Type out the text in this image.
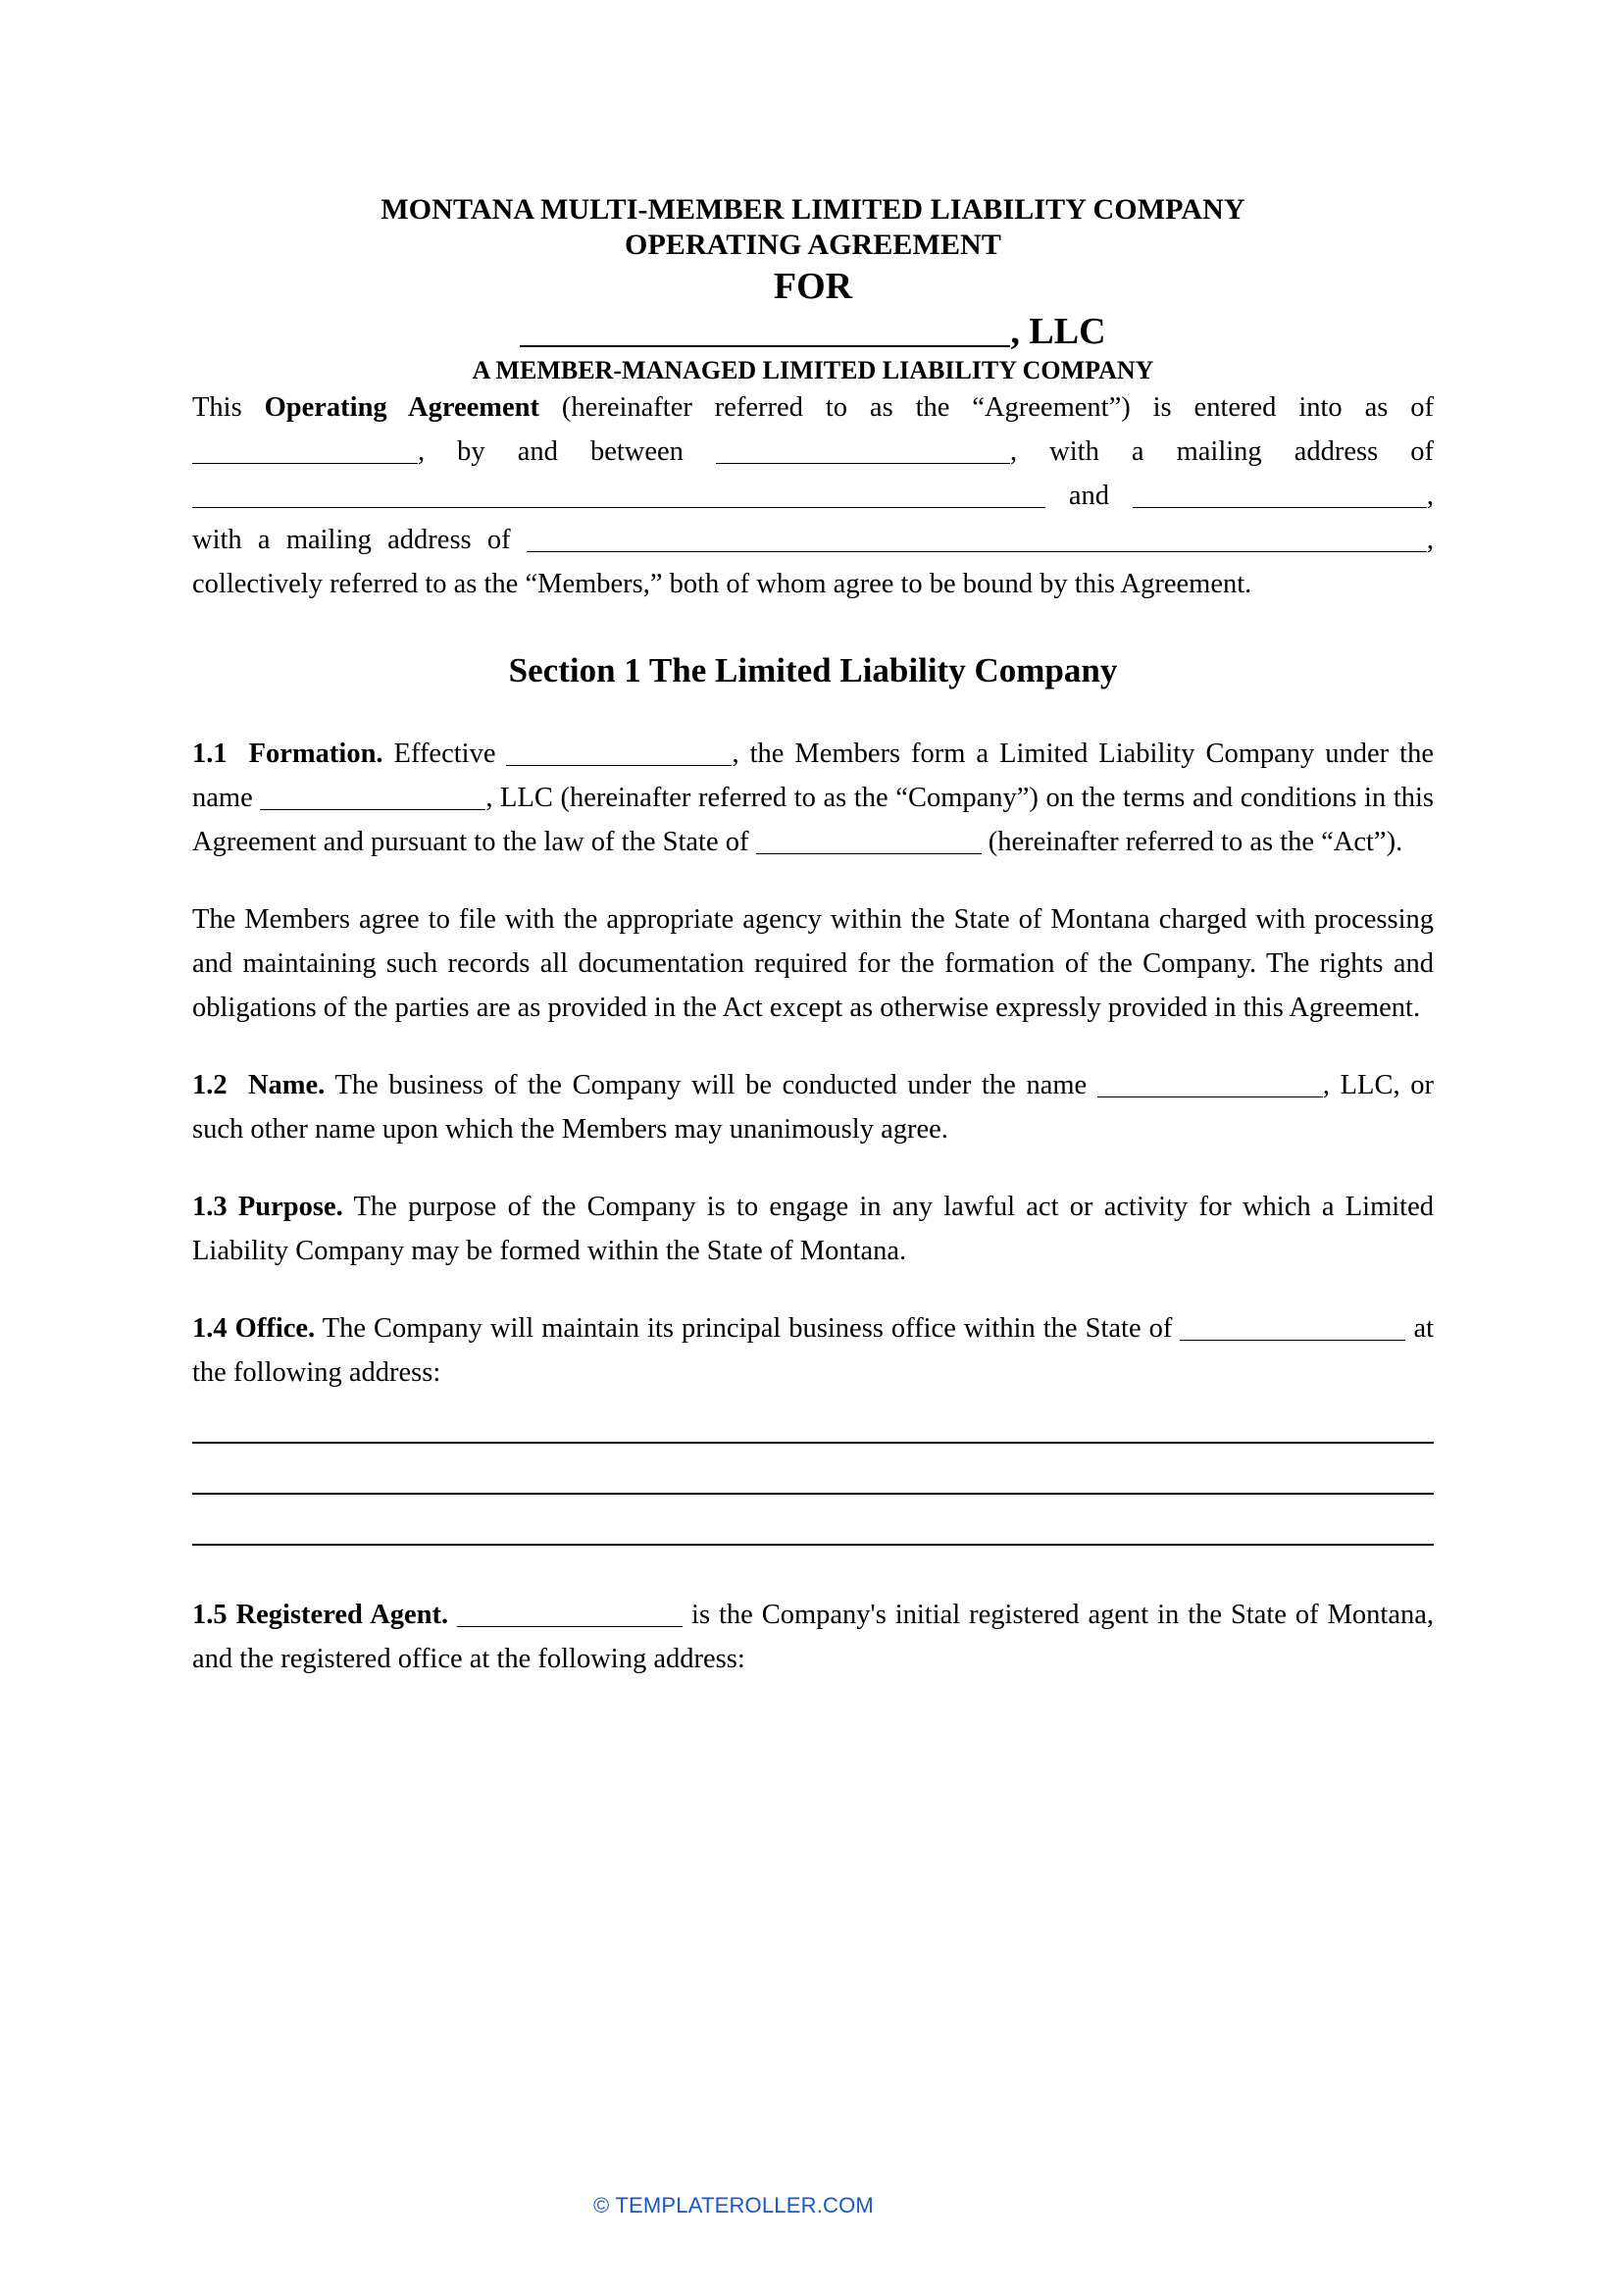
MONTANA MULTI-MEMBER LIMITED LIABILITY COMPANY
OPERATING AGREEMENT
FOR
, LLC
A MEMBER-MANAGED LIMITED LIABILITY COMPANY

This Operating Agreement (hereinafter referred to as the “Agreement”) is entered into as of , by and between	, with a mailing address of  and	, with a mailing address of	, collectively referred to as the “Members,” both of whom agree to be bound by this Agreement.

Section 1 The Limited Liability Company

1.1 Formation. Effective	, the Members form a Limited Liability Company under the name	, LLC (hereinafter referred to as the “Company”) on the terms and conditions in this Agreement and pursuant to the law of the State of	(hereinafter referred to as the “Act”).

The Members agree to file with the appropriate agency within the State of Montana charged with processing and maintaining such records all documentation required for the formation of the Company. The rights and obligations of the parties are as provided in the Act except as otherwise expressly provided in this Agreement.

1.2 Name. The business of the Company will be conducted under the name	, LLC, or such other name upon which the Members may unanimously agree.

1.3 Purpose. The purpose of the Company is to engage in any lawful act or activity for which a Limited Liability Company may be formed within the State of Montana.

1.4 Office. The Company will maintain its principal business office within the State of	at the following address:

1.5 Registered Agent.	is the Company's initial registered agent in the State of Montana, and the registered office at the following address:

© TEMPLATEROLLER.COM
